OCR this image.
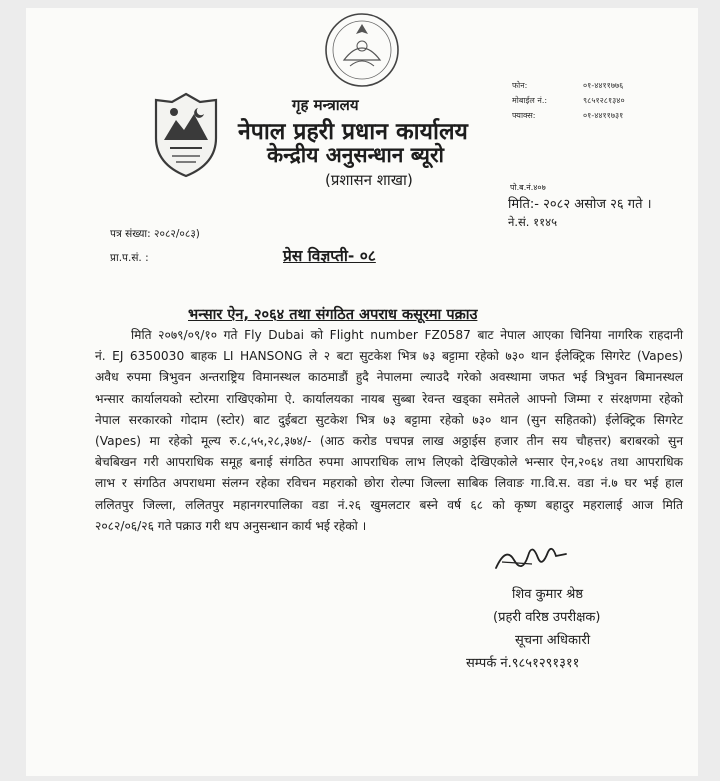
गृह मन्त्रालय
नेपाल प्रहरी प्रधान कार्यालय
केन्द्रीय अनुसन्धान ब्यूरो
(प्रशासन शाखा)
फोन:	०१-४४११७७६
मोबाईल नं.:	९८५१२८१३४०
फ्याक्स:	०१-४४११७३१
पो.ब.नं.४०७
मिति:- २०८२ असोज २६ गते ।
ने.सं. ११४५
पत्र संख्या: २०८२/०८३)
प्रा.प.सं. :	प्रेस विज्ञप्ती- ०८
भन्सार ऐन, २०६४ तथा संगठित अपराध कसूरमा पक्राउ
मिति २०७९/०९/१० गते Fly Dubai को Flight number FZ0587 बाट नेपाल आएका चिनिया नागरिक राहदानी
नं. EJ 6350030 बाहक LI HANSONG ले २ बटा सुटकेश भित्र ७३ बट्टामा रहेको ७३० थान ईलेक्ट्रिक सिगरेट (Vapes)
अवैध रुपमा त्रिभुवन अन्तराष्ट्रिय विमानस्थल काठमाडौं हुदै नेपालमा ल्याउदै गरेको अवस्थामा जफत भई त्रिभुवन बिमानस्थल
भन्सार कार्यालयको स्टोरमा राखिएकोमा ऐ. कार्यालयका नायब सुब्बा रेवन्त खड्का समेतले आफ्नो जिम्मा र संरक्षणमा रहेको
नेपाल सरकारको गोदाम (स्टोर) बाट दुईबटा सुटकेश भित्र ७३ बट्टामा रहेको ७३० थान (सुन सहितको) ईलेक्ट्रिक सिगरेट
(Vapes) मा रहेको मूल्य रु.८,५५,२८,३७४/- (आठ करोड पचपन्न लाख अठ्ठाईस हजार तीन सय चौहत्तर) बराबरको सुन
बेचबिखन गरी आपराधिक समूह बनाई संगठित रुपमा आपराधिक लाभ लिएको देखिएकोले भन्सार ऐन,२०६४ तथा आपराधिक
लाभ र संगठित अपराधमा संलग्न रहेका रविचन महराको छोरा रोल्पा जिल्ला साबिक लिवाङ गा.वि.स. वडा नं.७ घर भई हाल
ललितपुर जिल्ला, ललितपुर महानगरपालिका वडा नं.२६ खुमलटार बस्ने वर्ष ६८ को कृष्ण बहादुर महरालाई आज मिति
२०८२/०६/२६ गते पक्राउ गरी थप अनुसन्धान कार्य भई रहेको ।
शिव कुमार श्रेष्ठ
(प्रहरी वरिष्ठ उपरीक्षक)
सूचना अधिकारी
सम्पर्क नं.९८५१२९१३११
